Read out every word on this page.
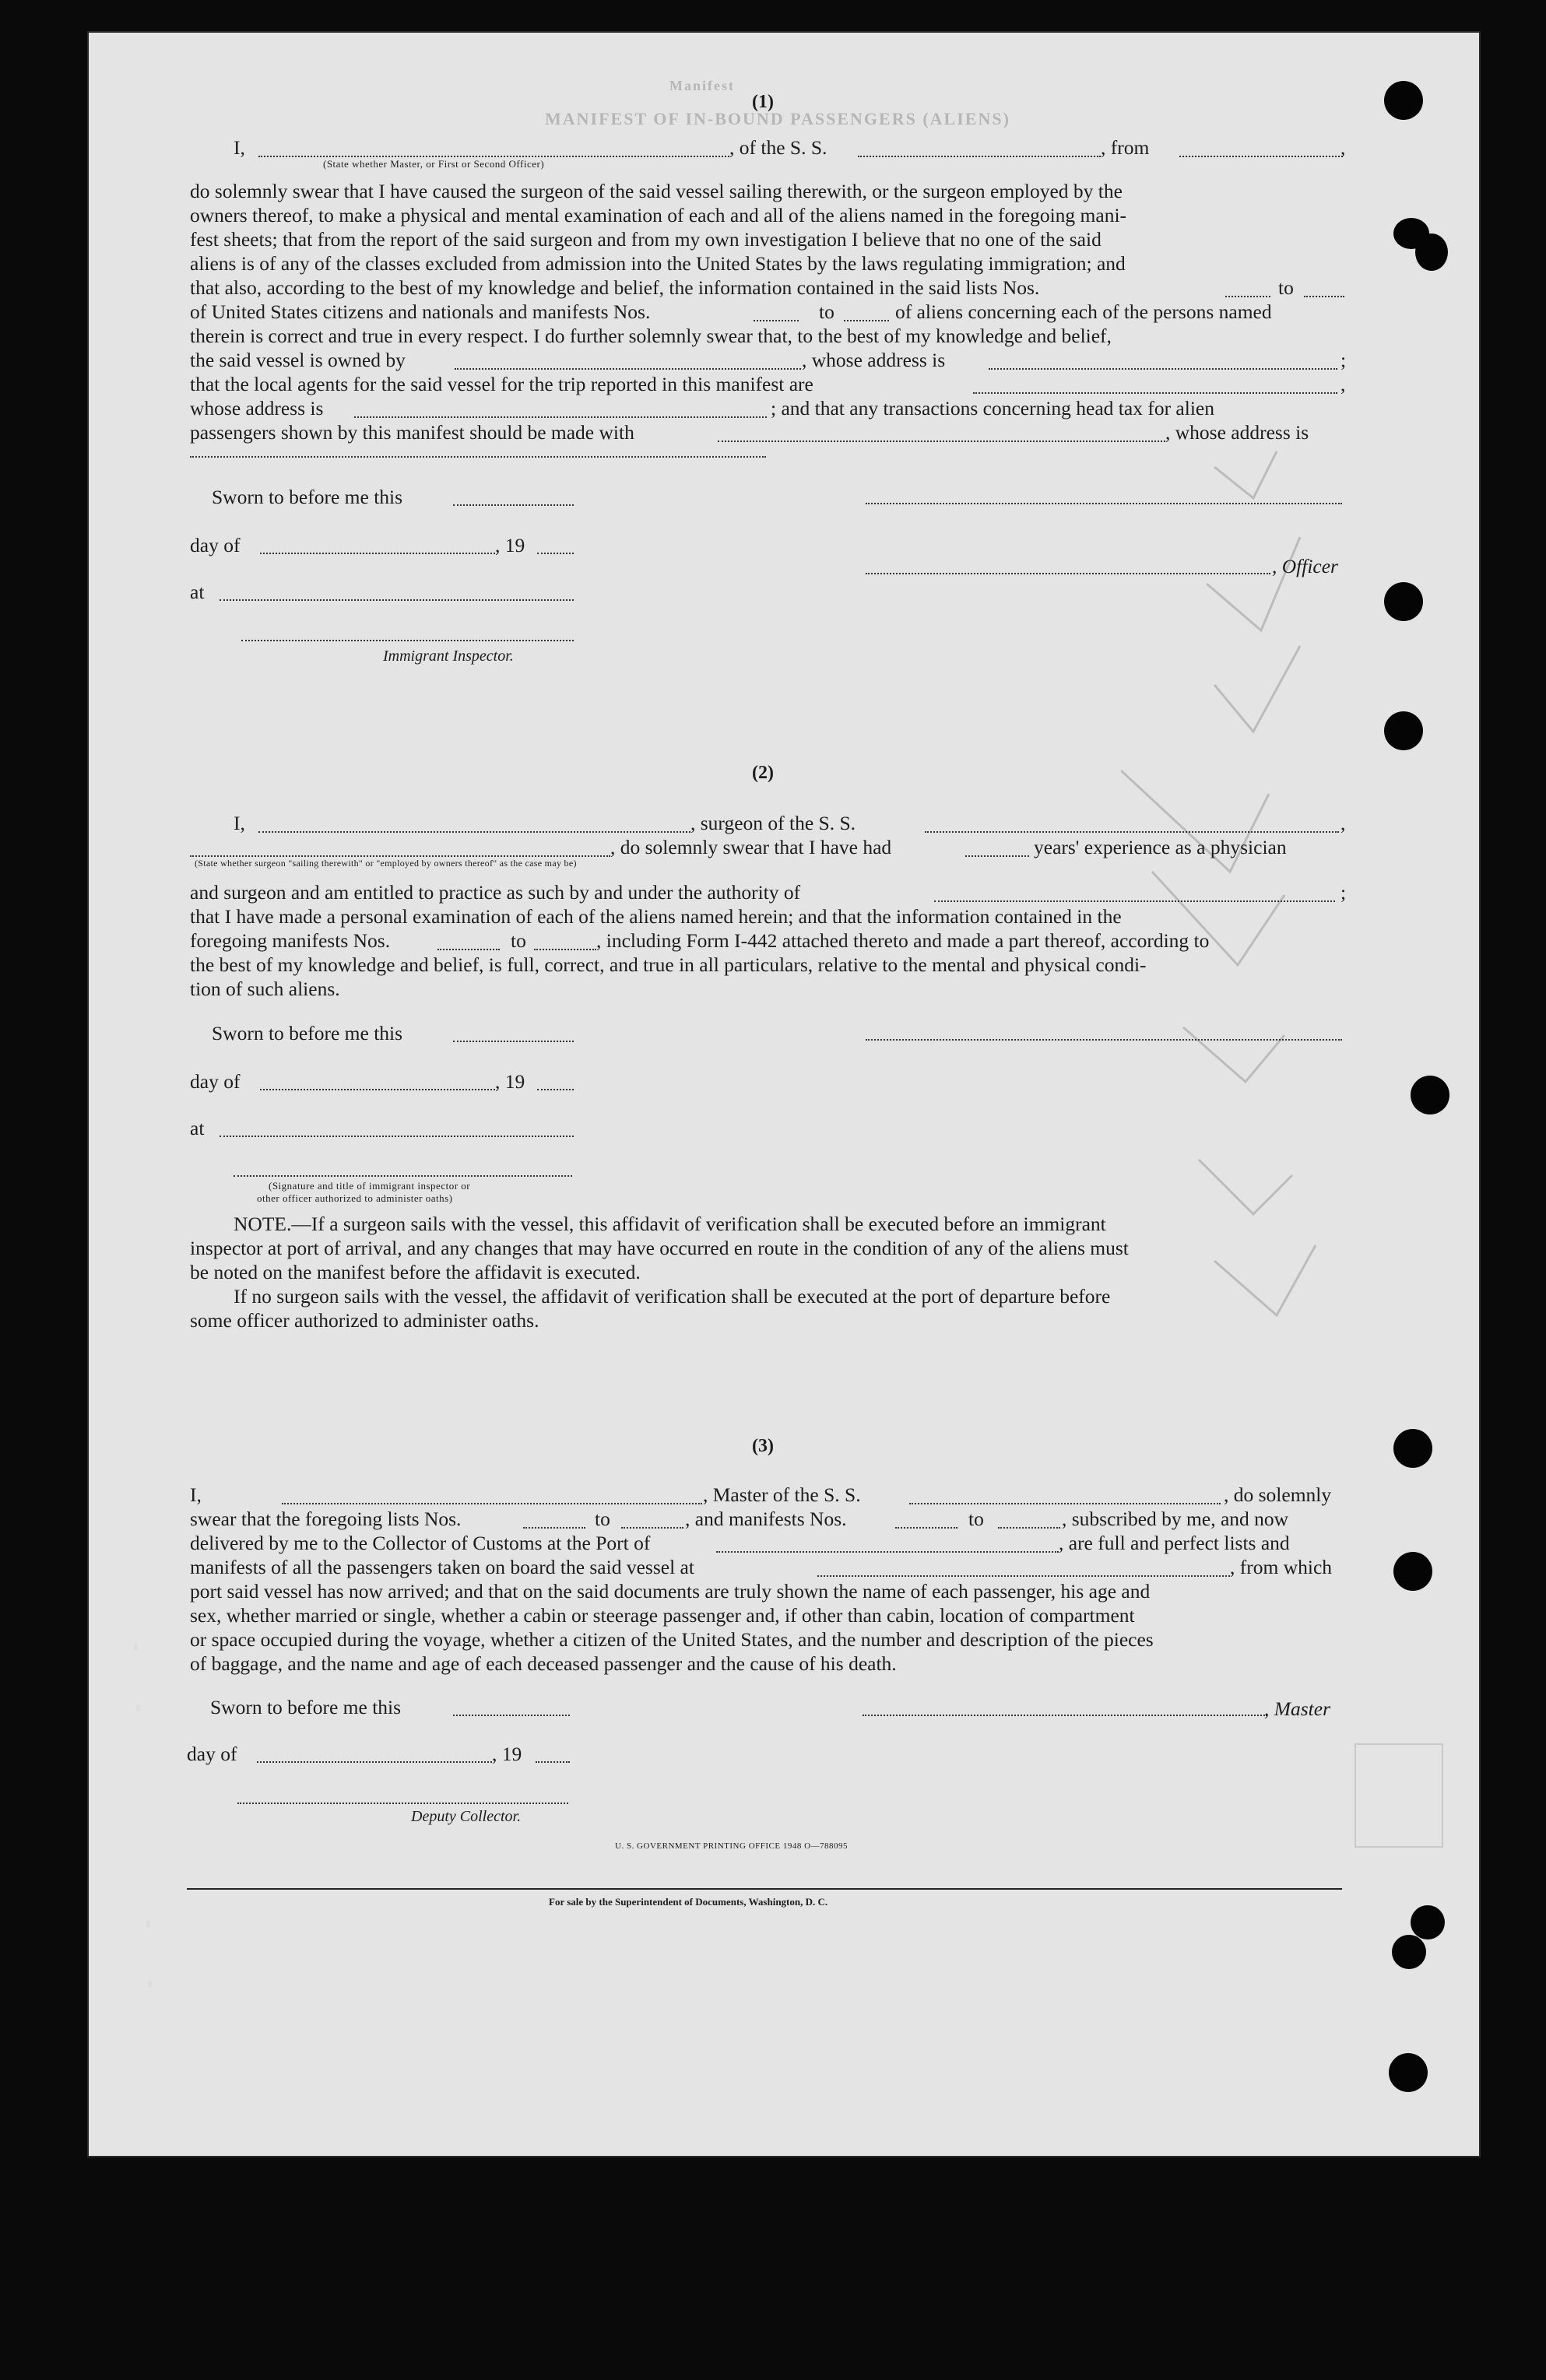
Manifest
MANIFEST OF IN-BOUND PASSENGERS (ALIENS)
(1)
I,	, of the S. S.	, from	,
(State whether Master, or First or Second Officer)
do solemnly swear that I have caused the surgeon of the said vessel sailing therewith, or the surgeon employed by the
owners thereof, to make a physical and mental examination of each and all of the aliens named in the foregoing mani-
fest sheets; that from the report of the said surgeon and from my own investigation I believe that no one of the said
aliens is of any of the classes excluded from admission into the United States by the laws regulating immigration; and
that also, according to the best of my knowledge and belief, the information contained in the said lists Nos.	to
of United States citizens and nationals and manifests Nos.	to	of aliens concerning each of the persons named
therein is correct and true in every respect. I do further solemnly swear that, to the best of my knowledge and belief,
the said vessel is owned by	, whose address is	;
that the local agents for the said vessel for the trip reported in this manifest are	,
whose address is	; and that any transactions concerning head tax for alien
passengers shown by this manifest should be made with	, whose address is
Sworn to before me this
day of	, 19
, Officer
at
Immigrant Inspector.
(2)
I,	, surgeon of the S. S.	,
, do solemnly swear that I have had	years' experience as a physician
(State whether surgeon "sailing therewith" or "employed by owners thereof" as the case may be)
and surgeon and am entitled to practice as such by and under the authority of	;
that I have made a personal examination of each of the aliens named herein; and that the information contained in the
foregoing manifests Nos.	to	, including Form I-442 attached thereto and made a part thereof, according to
the best of my knowledge and belief, is full, correct, and true in all particulars, relative to the mental and physical condi-
tion of such aliens.
Sworn to before me this
day of	, 19
at
(Signature and title of immigrant inspector or
other officer authorized to administer oaths)
NOTE.—If a surgeon sails with the vessel, this affidavit of verification shall be executed before an immigrant
inspector at port of arrival, and any changes that may have occurred en route in the condition of any of the aliens must
be noted on the manifest before the affidavit is executed.
If no surgeon sails with the vessel, the affidavit of verification shall be executed at the port of departure before
some officer authorized to administer oaths.
(3)
I,	, Master of the S. S.	, do solemnly
swear that the foregoing lists Nos.	to	, and manifests Nos.	to	, subscribed by me, and now
delivered by me to the Collector of Customs at the Port of	, are full and perfect lists and
manifests of all the passengers taken on board the said vessel at	, from which
port said vessel has now arrived; and that on the said documents are truly shown the name of each passenger, his age and
sex, whether married or single, whether a cabin or steerage passenger and, if other than cabin, location of compartment
or space occupied during the voyage, whether a citizen of the United States, and the number and description of the pieces
of baggage, and the name and age of each deceased passenger and the cause of his death.
Sworn to before me this	, Master
day of	, 19
Deputy Collector.
U. S. GOVERNMENT PRINTING OFFICE 1948 O—788095
For sale by the Superintendent of Documents, Washington, D. C.
